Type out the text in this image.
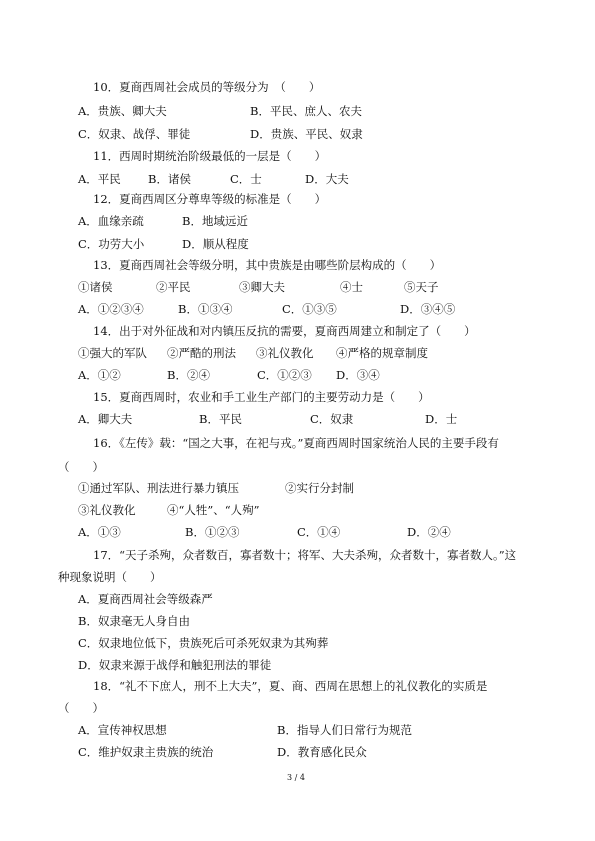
10．夏商西周社会成员的等级分为　（　　）
A．贵族、卿大夫	B．平民、庶人、农夫
C．奴隶、战俘、罪徒	D．贵族、平民、奴隶
11．西周时期统治阶级最低的一层是（　　）
A．平民 B．诸侯	C．士	D．大夫
12．夏商西周区分尊卑等级的标准是（　　）
A．血缘亲疏	B．地域远近
C．功劳大小	D．顺从程度
13．夏商西周社会等级分明，其中贵族是由哪些阶层构成的（　　）
①诸侯	②平民	③卿大夫	④士	⑤天子
A．①②③④	B．①③④	C．①③⑤	D．③④⑤
14．出于对外征战和对内镇压反抗的需要，夏商西周建立和制定了（　　）
①强大的军队 ②严酷的刑法 ③礼仪教化 ④严格的规章制度
A．①②	B．②④	C．①②③ D．③④
15．夏商西周时，农业和手工业生产部门的主要劳动力是（　　）
A．卿大夫	B．平民	C．奴隶	D．士
16．《左传》载：“国之大事，在祀与戎。”夏商西周时国家统治人民的主要手段有
（　　）
①通过军队、刑法进行暴力镇压	②实行分封制
③礼仪教化	④“人牲”、“人殉”
A．①③	B．①②③	C．①④	D．②④
17．“天子杀殉，众者数百，寡者数十；将军、大夫杀殉，众者数十，寡者数人。”这
种现象说明（　　）
A．夏商西周社会等级森严
B．奴隶毫无人身自由
C．奴隶地位低下，贵族死后可杀死奴隶为其殉葬
D．奴隶来源于战俘和触犯刑法的罪徒
18．“礼不下庶人，刑不上大夫”，夏、商、西周在思想上的礼仪教化的实质是
（　　）
A．宣传神权思想	B．指导人们日常行为规范
C．维护奴隶主贵族的统治	D．教育感化民众
3 / 4
